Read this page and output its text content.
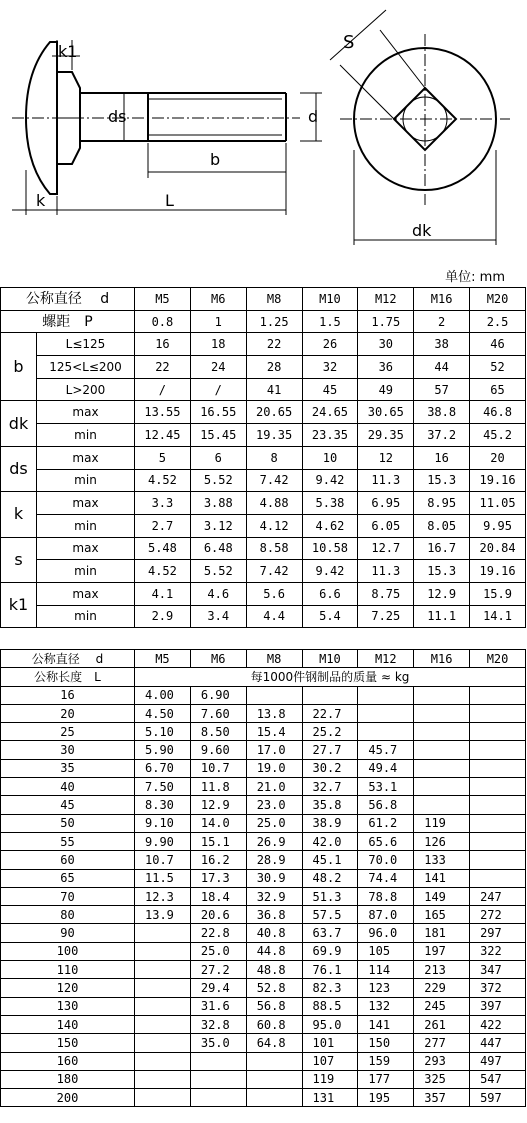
k1
ds	d
b
k	L
S
dk
单位: mm
公称直径　 d		M5	M6	M8	M10	M12	M16	M20
螺距　P		0.8	1	1.25	1.5	1.75	2	2.5
b	L≤125	16	18	22	26	30	38	46
	125<L≤200	22	24	28	32	36	44	52
	L>200	/	/	41	45	49	57	65
dk	max	13.55	16.55	20.65	24.65	30.65	38.8	46.8
	min	12.45	15.45	19.35	23.35	29.35	37.2	45.2
ds	max	5	6	8	10	12	16	20
	min	4.52	5.52	7.42	9.42	11.3	15.3	19.16
k	max	3.3	3.88	4.88	5.38	6.95	8.95	11.05
	min	2.7	3.12	4.12	4.62	6.05	8.05	9.95
s	max	5.48	6.48	8.58	10.58	12.7	16.7	20.84
	min	4.52	5.52	7.42	9.42	11.3	15.3	19.16
k1	max	4.1	4.6	5.6	6.6	8.75	12.9	15.9
	min	2.9	3.4	4.4	5.4	7.25	11.1	14.1
公称直径　 d	M5	M6	M8	M10	M12	M16	M20
公称长度　L	每1000件钢制品的质量 ≈ kg						
16	4.00	6.90					
20	4.50	7.60	13.8	22.7			
25	5.10	8.50	15.4	25.2			
30	5.90	9.60	17.0	27.7	45.7		
35	6.70	10.7	19.0	30.2	49.4		
40	7.50	11.8	21.0	32.7	53.1		
45	8.30	12.9	23.0	35.8	56.8		
50	9.10	14.0	25.0	38.9	61.2	119	
55	9.90	15.1	26.9	42.0	65.6	126	
60	10.7	16.2	28.9	45.1	70.0	133	
65	11.5	17.3	30.9	48.2	74.4	141	
70	12.3	18.4	32.9	51.3	78.8	149	247
80	13.9	20.6	36.8	57.5	87.0	165	272
90		22.8	40.8	63.7	96.0	181	297
100		25.0	44.8	69.9	105	197	322
110		27.2	48.8	76.1	114	213	347
120		29.4	52.8	82.3	123	229	372
130		31.6	56.8	88.5	132	245	397
140		32.8	60.8	95.0	141	261	422
150		35.0	64.8	101	150	277	447
160				107	159	293	497
180				119	177	325	547
200				131	195	357	597
